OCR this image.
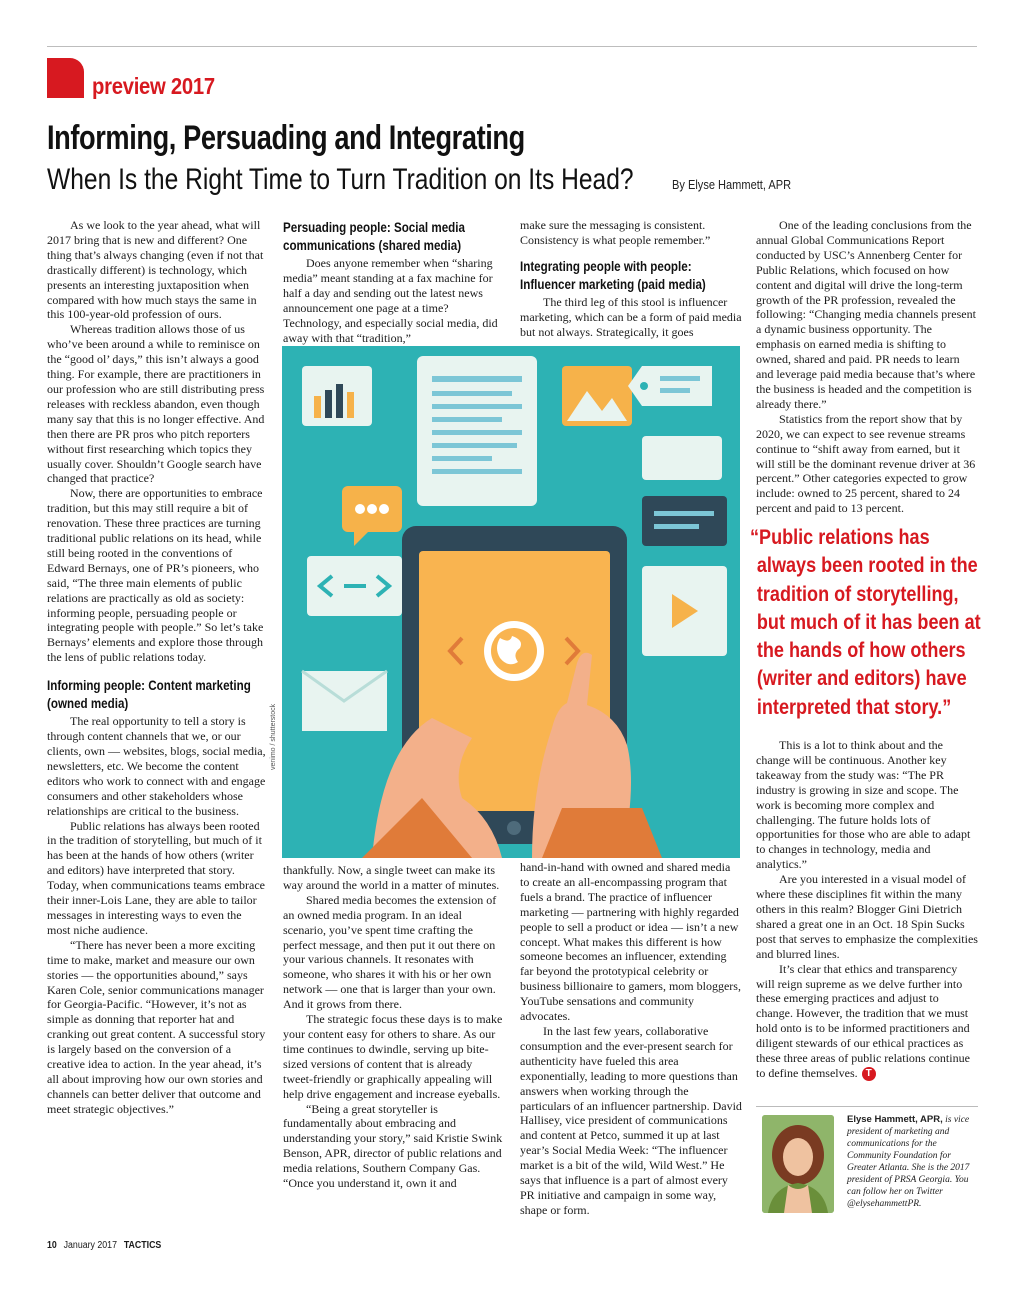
preview 2017
Informing, Persuading and Integrating
When Is the Right Time to Turn Tradition on Its Head?	By Elyse Hammett, APR

As we look to the year ahead, what will 2017 bring that is new and different? One thing that’s always changing (even if not that drastically different) is technology, which presents an interesting juxtaposition when compared with how much stays the same in this 100-year-old profession of ours.

Whereas tradition allows those of us who’ve been around a while to reminisce on the “good ol’ days,” this isn’t always a good thing. For example, there are practitioners in our profession who are still distributing press releases with reckless abandon, even though many say that this is no longer effective. And then there are PR pros who pitch reporters without first researching which topics they usually cover. Shouldn’t Google search have changed that practice?

Now, there are opportunities to embrace tradition, but this may still require a bit of renovation. These three practices are turning traditional public relations on its head, while still being rooted in the conventions of Edward Bernays, one of PR’s pioneers, who said, “The three main elements of public relations are practically as old as society: informing people, persuading people or integrating people with people.” So let’s take Bernays’ elements and explore those through the lens of public relations today.

Informing people: Content marketing (owned media)

The real opportunity to tell a story is through content channels that we, or our clients, own — websites, blogs, social media, newsletters, etc. We become the content editors who work to connect with and engage consumers and other stakeholders whose relationships are critical to the business.

Public relations has always been rooted in the tradition of storytelling, but much of it has been at the hands of how others (writer and editors) have interpreted that story. Today, when communications teams embrace their inner-Lois Lane, they are able to tailor messages in interesting ways to even the most niche audience.

“There has never been a more exciting time to make, market and measure our own stories — the opportunities abound,” says Karen Cole, senior communications manager for Georgia-Pacific. “However, it’s not as simple as donning that reporter hat and cranking out great content. A successful story is largely based on the conversion of a creative idea to action. In the year ahead, it’s all about improving how our own stories and channels can better deliver that outcome and meet strategic objectives.”

Persuading people: Social media communications (shared media)

Does anyone remember when “sharing media” meant standing at a fax machine for half a day and sending out the latest news announcement one page at a time? Technology, and especially social media, did away with that “tradition,”

make sure the messaging is consistent. Consistency is what people remember.”

Integrating people with people: Influencer marketing (paid media)

The third leg of this stool is influencer marketing, which can be a form of paid media but not always. Strategically, it goes

venimo / shutterstock

thankfully. Now, a single tweet can make its way around the world in a matter of minutes.

Shared media becomes the extension of an owned media program. In an ideal scenario, you’ve spent time crafting the perfect message, and then put it out there on your various channels. It resonates with someone, who shares it with his or her own network — one that is larger than your own. And it grows from there.

The strategic focus these days is to make your content easy for others to share. As our time continues to dwindle, serving up bite-sized versions of content that is already tweet-friendly or graphically appealing will help drive engagement and increase eyeballs.

“Being a great storyteller is fundamentally about embracing and understanding your story,” said Kristie Swink Benson, APR, director of public relations and media relations, Southern Company Gas. “Once you understand it, own it and

hand-in-hand with owned and shared media to create an all-encompassing program that fuels a brand. The practice of influencer marketing — partnering with highly regarded people to sell a product or idea — isn’t a new concept. What makes this different is how someone becomes an influencer, extending far beyond the prototypical celebrity or business billionaire to gamers, mom bloggers, YouTube sensations and community advocates.

In the last few years, collaborative consumption and the ever-present search for authenticity have fueled this area exponentially, leading to more questions than answers when working through the particulars of an influencer partnership. David Hallisey, vice president of communications and content at Petco, summed it up at last year’s Social Media Week: “The influencer market is a bit of the wild, Wild West.” He says that influence is a part of almost every PR initiative and campaign in some way, shape or form.

One of the leading conclusions from the annual Global Communications Report conducted by USC’s Annenberg Center for Public Relations, which focused on how content and digital will drive the long-term growth of the PR profession, revealed the following: “Changing media channels present a dynamic business opportunity. The emphasis on earned media is shifting to owned, shared and paid. PR needs to learn and leverage paid media because that’s where the business is headed and the competition is already there.”

Statistics from the report show that by 2020, we can expect to see revenue streams continue to “shift away from earned, but it will still be the dominant revenue driver at 36 percent.” Other categories expected to grow include: owned to 25 percent, shared to 24 percent and paid to 13 percent.

“Public relations has
always been rooted in the
tradition of storytelling,
but much of it has been at
the hands of how others
(writer and editors) have
interpreted that story.”

This is a lot to think about and the change will be continuous. Another key takeaway from the study was: “The PR industry is growing in size and scope. The work is becoming more complex and challenging. The future holds lots of opportunities for those who are able to adapt to changes in technology, media and analytics.”

Are you interested in a visual model of where these disciplines fit within the many others in this realm? Blogger Gini Dietrich shared a great one in an Oct. 18 Spin Sucks post that serves to emphasize the complexities and blurred lines.

It’s clear that ethics and transparency will reign supreme as we delve further into these emerging practices and adjust to change. However, the tradition that we must hold onto is to be informed practitioners and diligent stewards of our ethical practices as these three areas of public relations continue to define themselves. T

Elyse Hammett, APR, is vice president of marketing and communications for the Community Foundation for Greater Atlanta. She is the 2017 president of PRSA Georgia. You can follow her on Twitter @elysehammettPR.
10 January 2017 TACTICS
